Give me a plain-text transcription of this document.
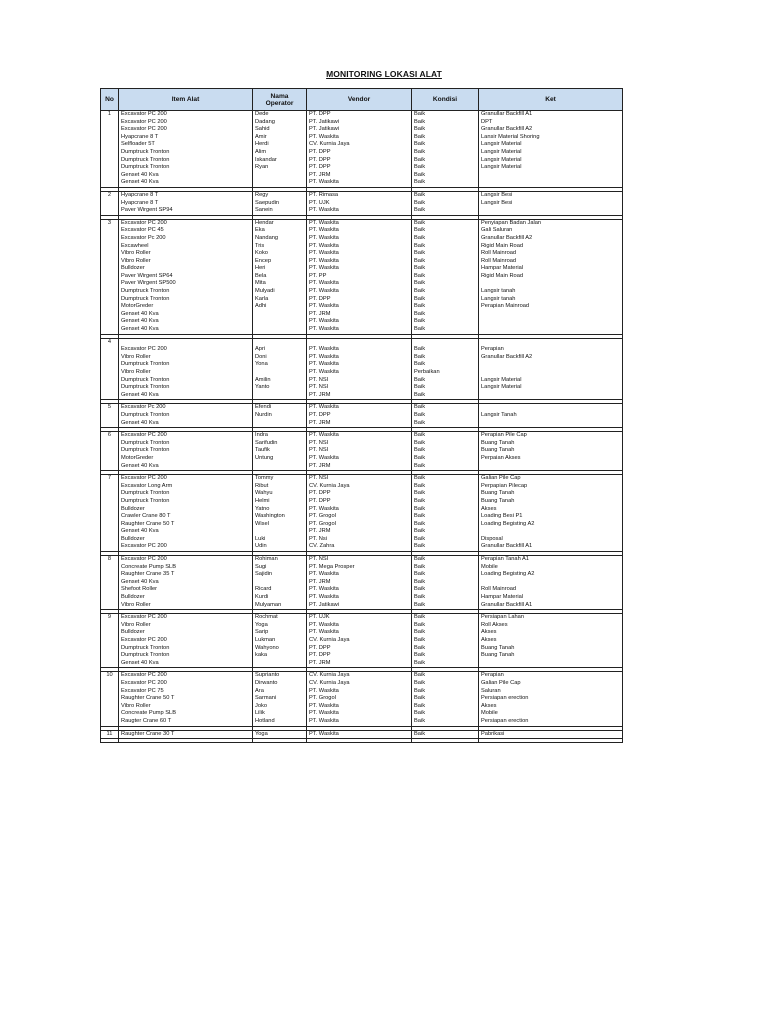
MONITORING LOKASI ALAT
No	Item Alat	Nama
Operator	Vendor	Kondisi	Ket
1	Excavator PC 200	Dede	PT. DPP	Baik	Granullar Backfill A1
	Excavator PC 200	Dadang	PT. Jatikawi	Baik	DPT
	Excavator PC 200	Sahid	PT. Jatikawi	Baik	Granullar Backfill A2
	Hyapcrane 8 T	Amir	PT. Waskita	Baik	Lansir Material Shoring
	Selfloader 5T	Herdi	CV. Kurnia Jaya	Baik	Langsir Material
	Dumptruck Tronton	Alim	PT. DPP	Baik	Langsir Material
	Dumptruck Tronton	Iskandar	PT. DPP	Baik	Langsir Material
	Dumptruck Tronton	Ryan	PT. DPP	Baik	Langsir Material
	Genset 40 Kva		PT. JRM	Baik	
	Genset 40 Kva		PT. Waskita	Baik	

2	Hyapcrane 8 T	Regy	PT. Rimasa	Baik	Langsir Besi
	Hyapcrane 8 T	Saepudin	PT. UJK	Baik	Langsir Besi
	Paver Wirgent SP94	Sanein	PT. Waskita	Baik	

3	Excavator PC 200	Hendar	PT. Waskita	Baik	Penyiapan Badan Jalan
	Excavator PC 45	Eka	PT. Waskita	Baik	Gali Saluran
	Excavator Pc 200	Nandang	PT. Waskita	Baik	Granullar Backfill A2
	Excawheel	Tris	PT. Waskita	Baik	Rigid Main Road
	Vibro Roller	Koko	PT. Waskita	Baik	Roll Mainroad
	Vibro Roller	Encep	PT. Waskita	Baik	Roll Mainroad
	Bulldozer	Heri	PT. Waskita	Baik	Hampar Material
	Paver Wirgent SP64	Bela	PT. PP	Baik	Rigid Main Road
	Paver Wirgent SP500	Mita	PT. Waskita	Baik	
	Dumptruck Tronton	Mulyadi	PT. Waskita	Baik	Langsir tanah
	Dumptruck Tronton	Karla	PT. DPP	Baik	Langsir tanah
	MotorGreder	Adhi	PT. Waskita	Baik	Perapian Mainroad
	Genset 40 Kva		PT. JRM	Baik	
	Genset 40 Kva		PT. Waskita	Baik	
	Genset 40 Kva		PT. Waskita	Baik	

4					
	Excavator PC 200	Apri	PT. Waskita	Baik	Perapian
	Vibro Roller	Doni	PT. Waskita	Baik	Granullar Backfill A2
	Dumptruck Tronton	Yona	PT. Waskita	Baik	
	Vibro Roller		PT. Waskita	Perbaikan	
	Dumptruck Tronton	Amilin	PT. NSI	Baik	Langsir Material
	Dumptruck Tronton	Yanto	PT. NSI	Baik	Langsir Material
	Genset 40 Kva		PT. JRM	Baik	

5	Excavator Pc 200	Efendi	PT. Waskita	Baik	
	Dumptruck Tronton	Nurdin	PT. DPP	Baik	Langsir Tanah
	Genset 40 Kva		PT. JRM	Baik	

6	Excavator PC 200	Indra	PT. Waskita	Baik	Perapian Pile Cap
	Dumptruck Tronton	Sarifudin	PT. NSI	Baik	Buang Tanah
	Dumptruck Tronton	Taufik	PT. NSI	Baik	Buang Tanah
	MotorGreder	Untung	PT. Waskita	Baik	Perpaian Akses
	Genset 40 Kva		PT. JRM	Baik	

7	Excavator PC 200	Tommy	PT. NSI	Baik	Galian Pile Cap
	Excavator Long Arm	Ribut	CV. Kurnia Jaya	Baik	Perpapian Pilecap
	Dumptruck Tronton	Wahyu	PT. DPP	Baik	Buang Tanah
	Dumptruck Tronton	Helmi	PT. DPP	Baik	Buang Tanah
	Bulldozer	Yatno	PT. Waskita	Baik	Akses
	Crawler Crane 80 T	Washington	PT. Grogol	Baik	Loading Besi P1
	Raughter Crane 50 T	Wisel	PT. Grogol	Baik	Loading Begisting A2
	Genset 40 Kva		PT. JRM	Baik	
	Bulldozer	Luki	PT. Nsi	Baik	Disposal
	Excavator PC 200	Udin	CV. Zahra	Baik	Granullar Backfill A1

8	Excavator PC 200	Rohiman	PT. NSI	Baik	Perapian Tanah A1
	Concreate Pump SLB	Sugi	PT. Mega Prosper	Baik	Mobile
	Raughter Crane 35 T	Sajidin	PT. Waskita	Baik	Loading Begisting A2
	Genset 40 Kva		PT. JRM	Baik	
	Shefoot Roller	Ricard	PT. Waskita	Baik	Roll Mainroad
	Bulldozer	Kurdi	PT. Waskita	Baik	Hampar Material
	Vibro Roller	Mulyaman	PT. Jatikawi	Baik	Granullar Backfill A1

9	Excavator PC 200	Rochmat	PT. UJK	Baik	Persiapan Lahan
	Vibro Roller	Yoga	PT. Waskita	Baik	Roll Akses
	Bulldozer	Sarip	PT. Waskita	Baik	Akses
	Excavator PC 200	Lukman	CV. Kurnia Jaya	Baik	Akses
	Dumptruck Tronton	Wahyono	PT. DPP	Baik	Buang Tanah
	Dumptruck Tronton	kaka	PT. DPP	Baik	Buang Tanah
	Genset 40 Kva		PT. JRM	Baik	

10	Excavator PC 200	Suprianto	CV. Kurnia Jaya	Baik	Perapian
	Excavator PC 200	Dirwanto	CV. Kurnia Jaya	Baik	Galian Pile Cap
	Excavator PC 75	Ara	PT. Waskita	Baik	Saluran
	Raughter Crane 50 T	Sarmani	PT. Grogol	Baik	Persiapan erection
	Vibro Roller	Joko	PT. Waskita	Baik	Akses
	Concreate Pump SLB	Lilik	PT. Waskita	Baik	Mobile
	Raugter Crane 60 T	Hotland	PT. Waskita	Baik	Persiapan erection

11	Raughter Crane 30 T	Yoga	PT. Waskita	Baik	Pabrikasi
